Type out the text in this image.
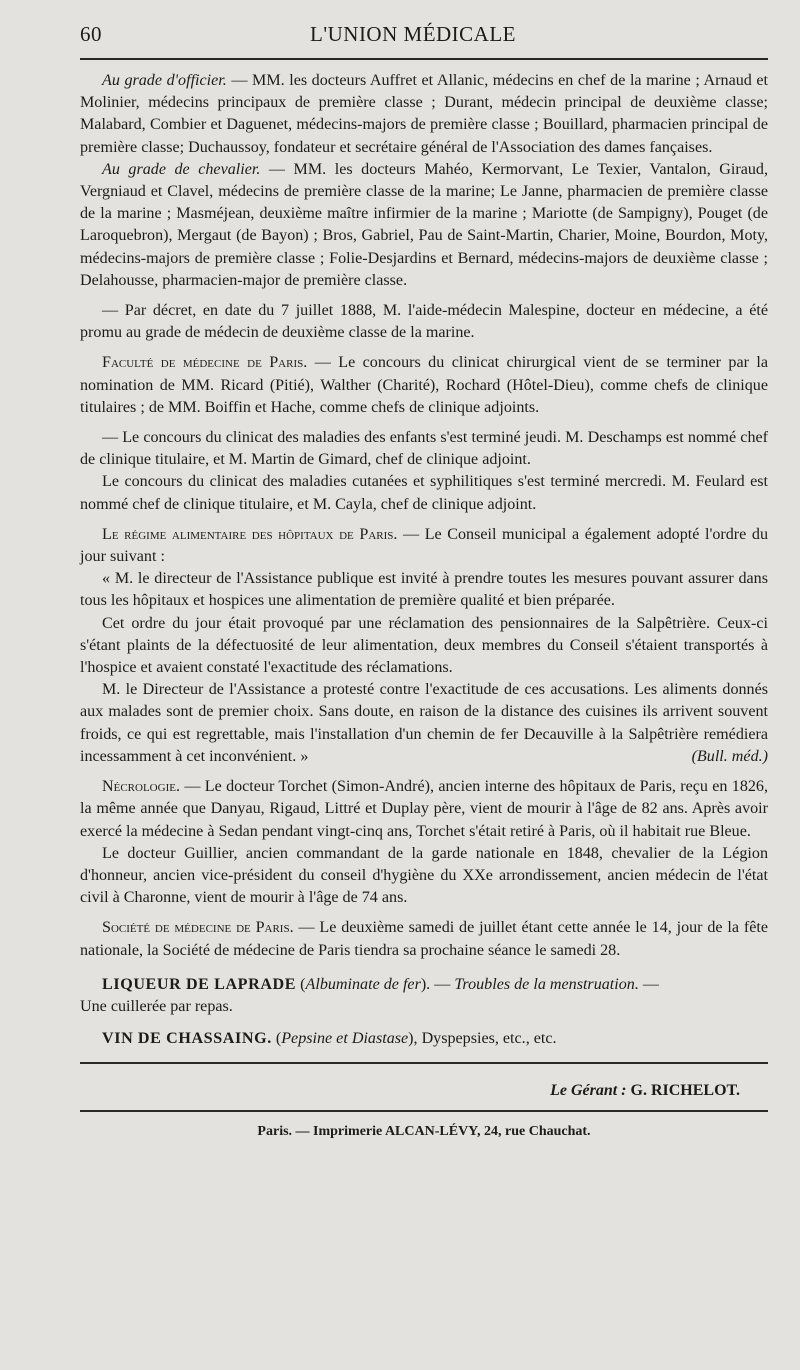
60	L'UNION MÉDICALE

Au grade d'officier. — MM. les docteurs Auffret et Allanic, médecins en chef de la marine ; Arnaud et Molinier, médecins principaux de première classe ; Durant, médecin principal de deuxième classe; Malabard, Combier et Daguenet, médecins-majors de première classe ; Bouillard, pharmacien principal de première classe; Duchaussoy, fondateur et secrétaire général de l'Association des dames fançaises.

Au grade de chevalier. — MM. les docteurs Mahéo, Kermorvant, Le Texier, Vantalon, Giraud, Vergniaud et Clavel, médecins de première classe de la marine; Le Janne, pharmacien de première classe de la marine ; Masméjean, deuxième maître infirmier de la marine ; Mariotte (de Sampigny), Pouget (de Laroquebron), Mergaut (de Bayon) ; Bros, Gabriel, Pau de Saint-Martin, Charier, Moine, Bourdon, Moty, médecins-majors de première classe ; Folie-Desjardins et Bernard, médecins-majors de deuxième classe ; Delahousse, pharmacien-major de première classe.

— Par décret, en date du 7 juillet 1888, M. l'aide-médecin Malespine, docteur en médecine, a été promu au grade de médecin de deuxième classe de la marine.

Faculté de médecine de Paris. — Le concours du clinicat chirurgical vient de se terminer par la nomination de MM. Ricard (Pitié), Walther (Charité), Rochard (Hôtel-Dieu), comme chefs de clinique titulaires ; de MM. Boiffin et Hache, comme chefs de clinique adjoints.

— Le concours du clinicat des maladies des enfants s'est terminé jeudi. M. Deschamps est nommé chef de clinique titulaire, et M. Martin de Gimard, chef de clinique adjoint.

Le concours du clinicat des maladies cutanées et syphilitiques s'est terminé mercredi. M. Feulard est nommé chef de clinique titulaire, et M. Cayla, chef de clinique adjoint.

Le régime alimentaire des hôpitaux de Paris. — Le Conseil municipal a également adopté l'ordre du jour suivant :

« M. le directeur de l'Assistance publique est invité à prendre toutes les mesures pouvant assurer dans tous les hôpitaux et hospices une alimentation de première qualité et bien préparée.

Cet ordre du jour était provoqué par une réclamation des pensionnaires de la Salpêtrière. Ceux-ci s'étant plaints de la défectuosité de leur alimentation, deux membres du Conseil s'étaient transportés à l'hospice et avaient constaté l'exactitude des réclamations.

M. le Directeur de l'Assistance a protesté contre l'exactitude de ces accusations. Les aliments donnés aux malades sont de premier choix. Sans doute, en raison de la distance des cuisines ils arrivent souvent froids, ce qui est regrettable, mais l'installation d'un chemin de fer Decauville à la Salpêtrière remédiera incessamment à cet inconvénient. »	(Bull. méd.)

Nécrologie. — Le docteur Torchet (Simon-André), ancien interne des hôpitaux de Paris, reçu en 1826, la même année que Danyau, Rigaud, Littré et Duplay père, vient de mourir à l'âge de 82 ans. Après avoir exercé la médecine à Sedan pendant vingt-cinq ans, Torchet s'était retiré à Paris, où il habitait rue Bleue.

Le docteur Guillier, ancien commandant de la garde nationale en 1848, chevalier de la Légion d'honneur, ancien vice-président du conseil d'hygiène du XXe arrondissement, ancien médecin de l'état civil à Charonne, vient de mourir à l'âge de 74 ans.

Société de médecine de Paris. — Le deuxième samedi de juillet étant cette année le 14, jour de la fête nationale, la Société de médecine de Paris tiendra sa prochaine séance le samedi 28.

LIQUEUR DE LAPRADE (Albuminate de fer). — Troubles de la menstruation. —
Une cuillerée par repas.

VIN DE CHASSAING. (Pepsine et Diastase), Dyspepsies, etc., etc.

Le Gérant : G. RICHELOT.
Paris. — Imprimerie ALCAN-LÉVY, 24, rue Chauchat.
